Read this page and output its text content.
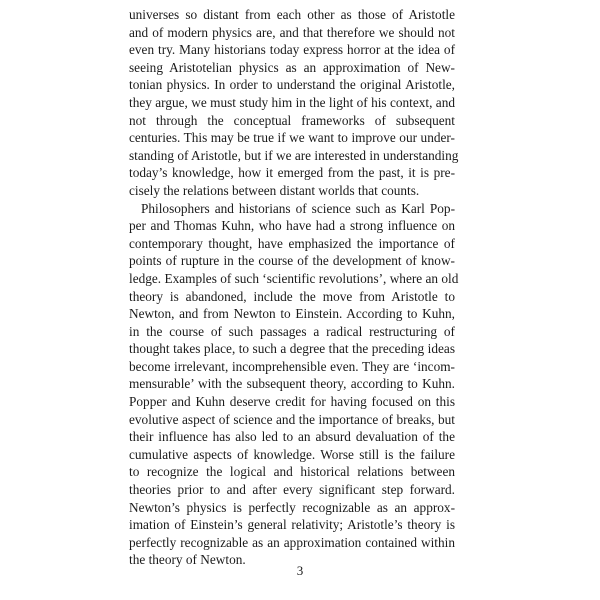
universes so distant from each other as those of Aristotle
and of modern physics are, and that therefore we should not
even try. Many historians today express horror at the idea of
seeing Aristotelian physics as an approximation of New-
tonian physics. In order to understand the original Aristotle,
they argue, we must study him in the light of his context, and
not through the conceptual frameworks of subsequent
centuries. This may be true if we want to improve our under-
standing of Aristotle, but if we are interested in understanding
today’s knowledge, how it emerged from the past, it is pre-
cisely the relations between distant worlds that counts.

Philosophers and historians of science such as Karl Pop-
per and Thomas Kuhn, who have had a strong influence on
contemporary thought, have emphasized the importance of
points of rupture in the course of the development of know-
ledge. Examples of such ‘scientific revolutions’, where an old
theory is abandoned, include the move from Aristotle to
Newton, and from Newton to Einstein. According to Kuhn,
in the course of such passages a radical restructuring of
thought takes place, to such a degree that the preceding ideas
become irrelevant, incomprehensible even. They are ‘incom-
mensurable’ with the subsequent theory, according to Kuhn.
Popper and Kuhn deserve credit for having focused on this
evolutive aspect of science and the importance of breaks, but
their influence has also led to an absurd devaluation of the
cumulative aspects of knowledge. Worse still is the failure
to recognize the logical and historical relations between
theories prior to and after every significant step forward.
Newton’s physics is perfectly recognizable as an approx-
imation of Einstein’s general relativity; Aristotle’s theory is
perfectly recognizable as an approximation contained within
the theory of Newton.

3
